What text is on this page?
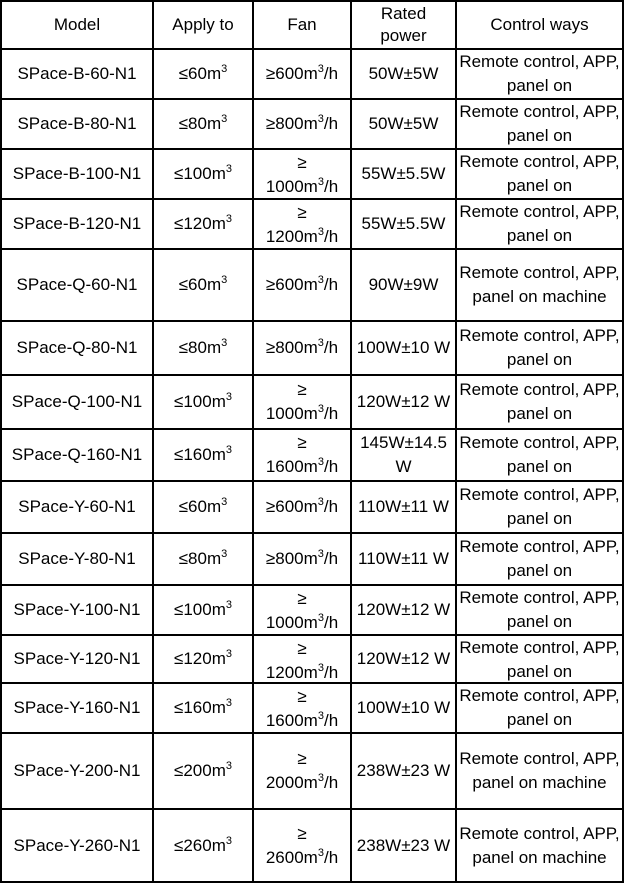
Model	Apply to	Fan	Rated power	Control ways
SPace-B-60-N1	$\le 60m^3$	$\ge 600m^3/h$	50W±5W	Remote control, APP, panel on

SPace-B-80-N1	$\le 80m^3$	$\ge 800m^3/h$	50W±5W	Remote control, APP, panel on

SPace-B-100-N1	$\le 100m^3$	≥ $1000m^3/h$	55W±5.5W	Remote control, APP, panel on

SPace-B-120-N1	$\le 120m^3$	≥ $1200m^3/h$	55W±5.5W	Remote control, APP, panel on

SPace-Q-60-N1	$\le 60m^3$	$\ge 600m^3/h$	90W±9W	Remote control, APP, panel on machine

SPace-Q-80-N1	$\le 80m^3$	$\ge 800m^3/h$	100W±10 W	Remote control, APP, panel on

SPace-Q-100-N1	$\le 100m^3$	≥ $1000m^3/h$	120W±12 W	Remote control, APP, panel on

SPace-Q-160-N1	$\le 160m^3$	≥ $1600m^3/h$	145W±14.5 W	Remote control, APP, panel on

SPace-Y-60-N1	$\le 60m^3$	$\ge 600m^3/h$	110W±11 W	Remote control, APP, panel on

SPace-Y-80-N1	$\le 80m^3$	$\ge 800m^3/h$	110W±11 W	Remote control, APP, panel on

SPace-Y-100-N1	$\le 100m^3$	≥ $1000m^3/h$	120W±12 W	Remote control, APP, panel on

SPace-Y-120-N1	$\le 120m^3$	≥ $1200m^3/h$	120W±12 W	Remote control, APP, panel on

SPace-Y-160-N1	$\le 160m^3$	≥ $1600m^3/h$	100W±10 W	Remote control, APP, panel on

SPace-Y-200-N1	$\le 200m^3$	≥ $2000m^3/h$	238W±23 W	Remote control, APP, panel on machine

SPace-Y-260-N1	$\le 260m^3$	≥ $2600m^3/h$	238W±23 W	Remote control, APP, panel on machine
